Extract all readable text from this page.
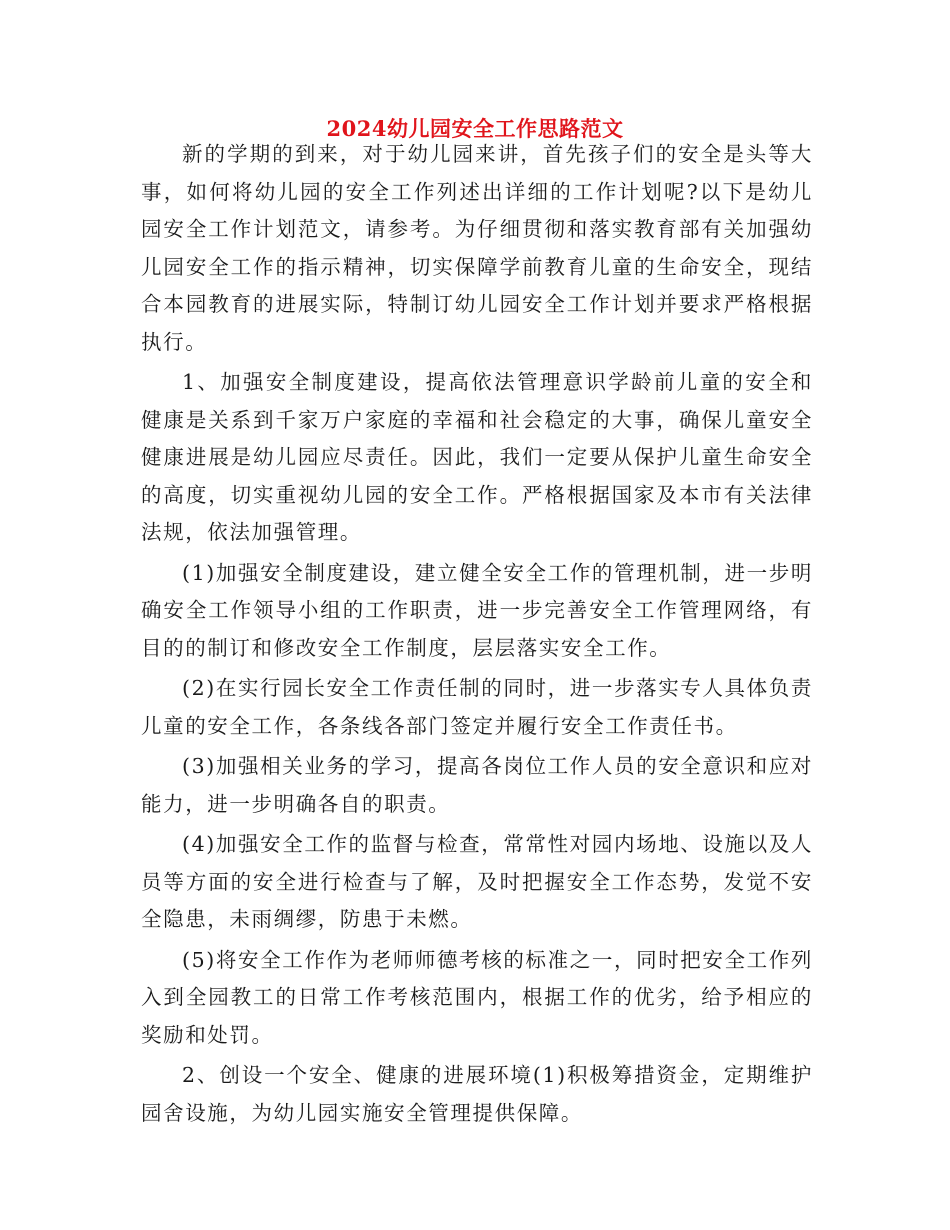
2024幼儿园安全工作思路范文

新的学期的到来，对于幼儿园来讲，首先孩子们的安全是头等大事，如何将幼儿园的安全工作列述出详细的工作计划呢?以下是幼儿园安全工作计划范文，请参考。为仔细贯彻和落实教育部有关加强幼儿园安全工作的指示精神，切实保障学前教育儿童的生命安全，现结合本园教育的进展实际，特制订幼儿园安全工作计划并要求严格根据执行。

1、加强安全制度建设，提高依法管理意识学龄前儿童的安全和健康是关系到千家万户家庭的幸福和社会稳定的大事，确保儿童安全健康进展是幼儿园应尽责任。因此，我们一定要从保护儿童生命安全的高度，切实重视幼儿园的安全工作。严格根据国家及本市有关法律法规，依法加强管理。

(1)加强安全制度建设，建立健全安全工作的管理机制，进一步明确安全工作领导小组的工作职责，进一步完善安全工作管理网络，有目的的制订和修改安全工作制度，层层落实安全工作。

(2)在实行园长安全工作责任制的同时，进一步落实专人具体负责儿童的安全工作，各条线各部门签定并履行安全工作责任书。

(3)加强相关业务的学习，提高各岗位工作人员的安全意识和应对能力，进一步明确各自的职责。

(4)加强安全工作的监督与检查，常常性对园内场地、设施以及人员等方面的安全进行检查与了解，及时把握安全工作态势，发觉不安全隐患，未雨绸缪，防患于未燃。

(5)将安全工作作为老师师德考核的标准之一，同时把安全工作列入到全园教工的日常工作考核范围内，根据工作的优劣，给予相应的奖励和处罚。

2、创设一个安全、健康的进展环境(1)积极筹措资金，定期维护园舍设施，为幼儿园实施安全管理提供保障。
